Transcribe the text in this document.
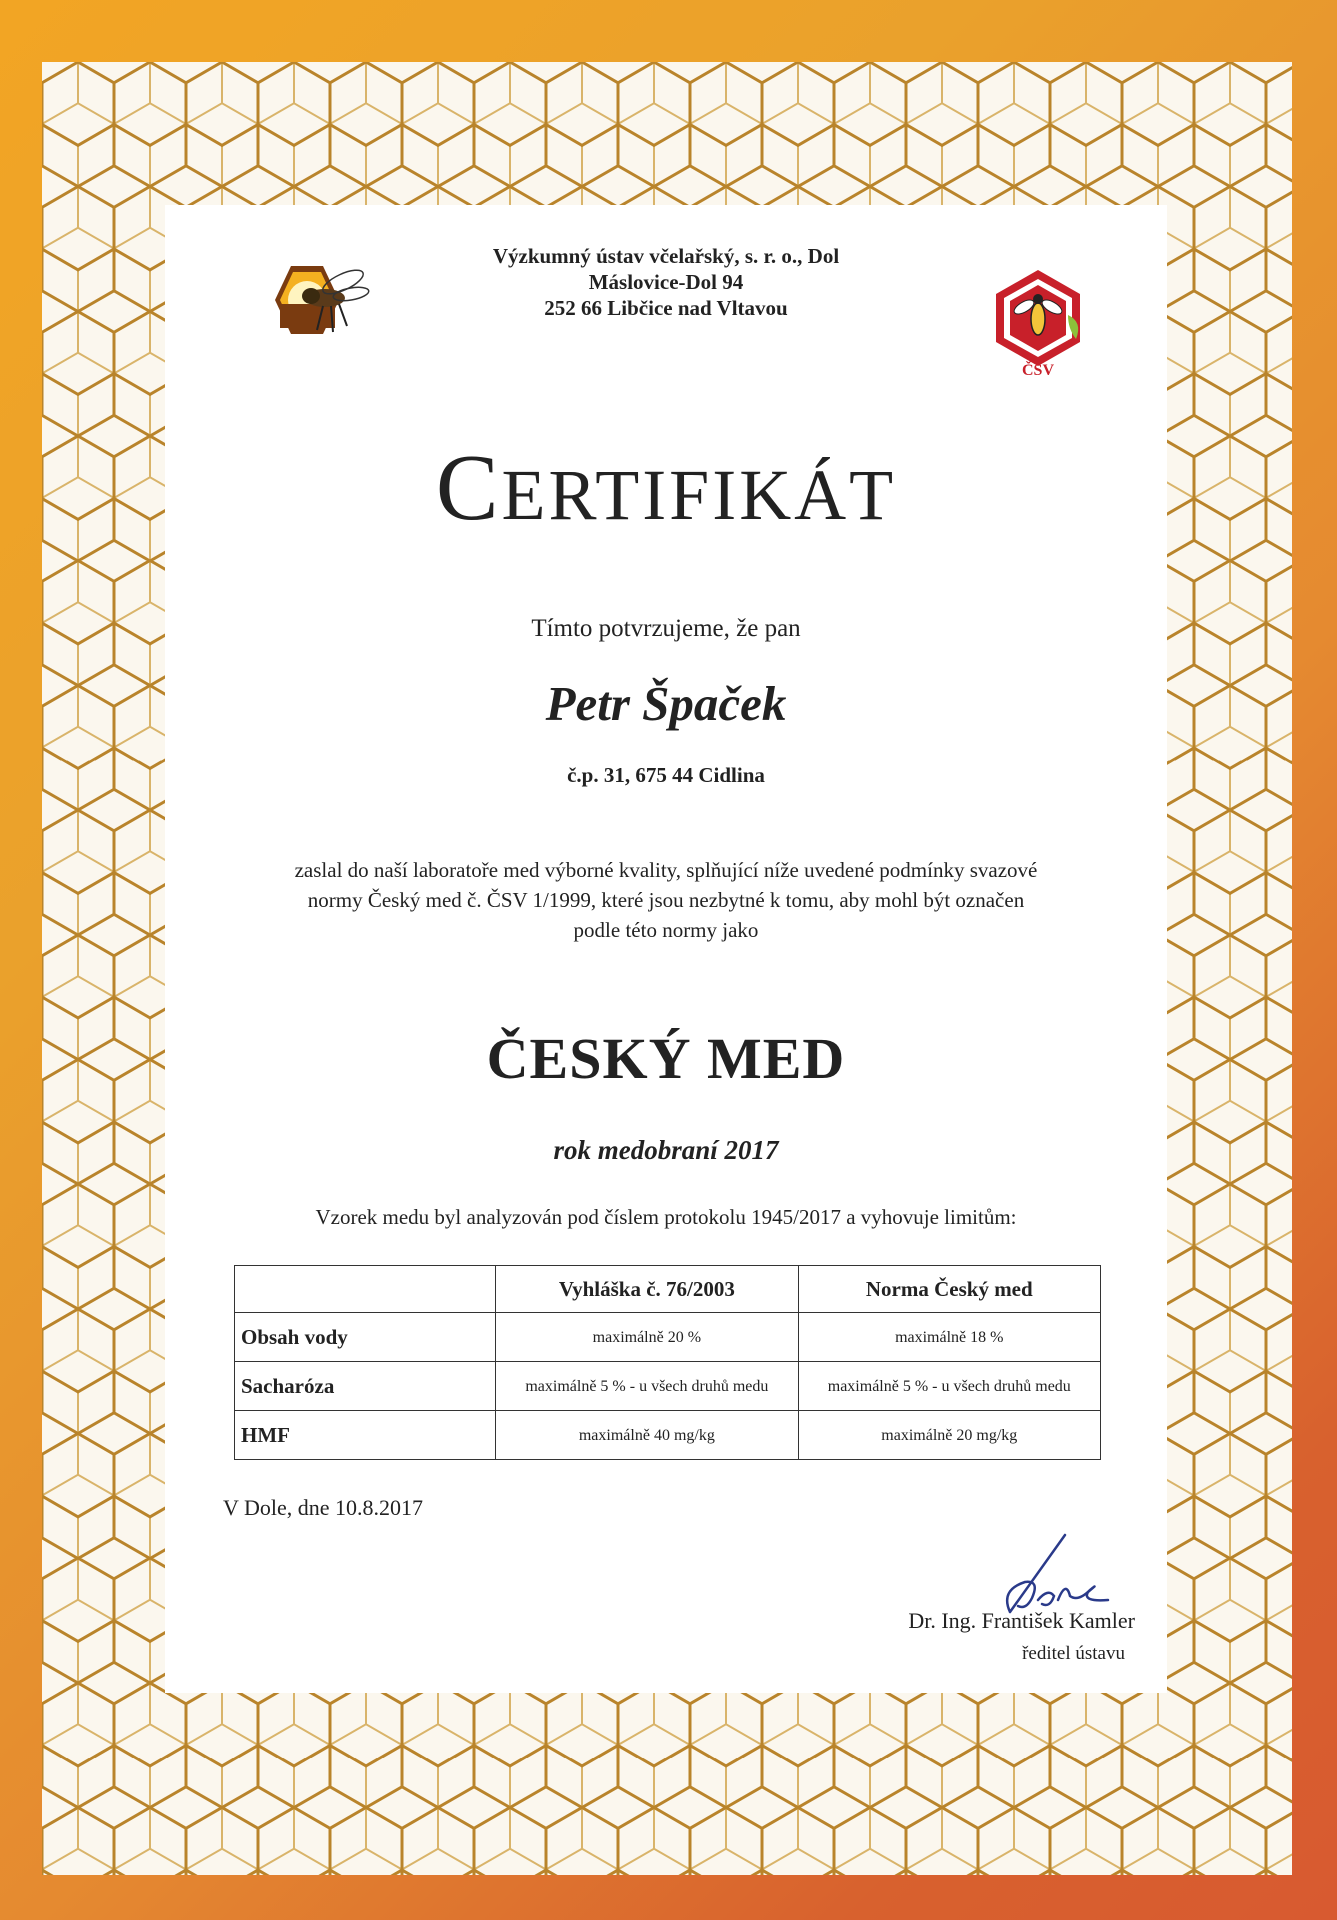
Výzkumný ústav včelařský, s. r. o., Dol
Máslovice-Dol 94
252 66 Libčice nad Vltavou
ČSV
CERTIFIKÁT
Tímto potvrzujeme, že pan
Petr Špaček
č.p. 31, 675 44 Cidlina
zaslal do naší laboratoře med výborné kvality, splňující níže uvedené podmínky svazové
normy Český med č. ČSV 1/1999, které jsou nezbytné k tomu, aby mohl být označen
podle této normy jako
ČESKÝ MED
rok medobraní 2017
Vzorek medu byl analyzován pod číslem protokolu 1945/2017 a vyhovuje limitům:
	Vyhláška č. 76/2003	Norma Český med
Obsah vody	maximálně 20 %	maximálně 18 %
Sacharóza	maximálně 5 % - u všech druhů medu	maximálně 5 % - u všech druhů medu
HMF	maximálně 40 mg/kg	maximálně 20 mg/kg
V Dole, dne 10.8.2017
Dr. Ing. František Kamler
ředitel ústavu
